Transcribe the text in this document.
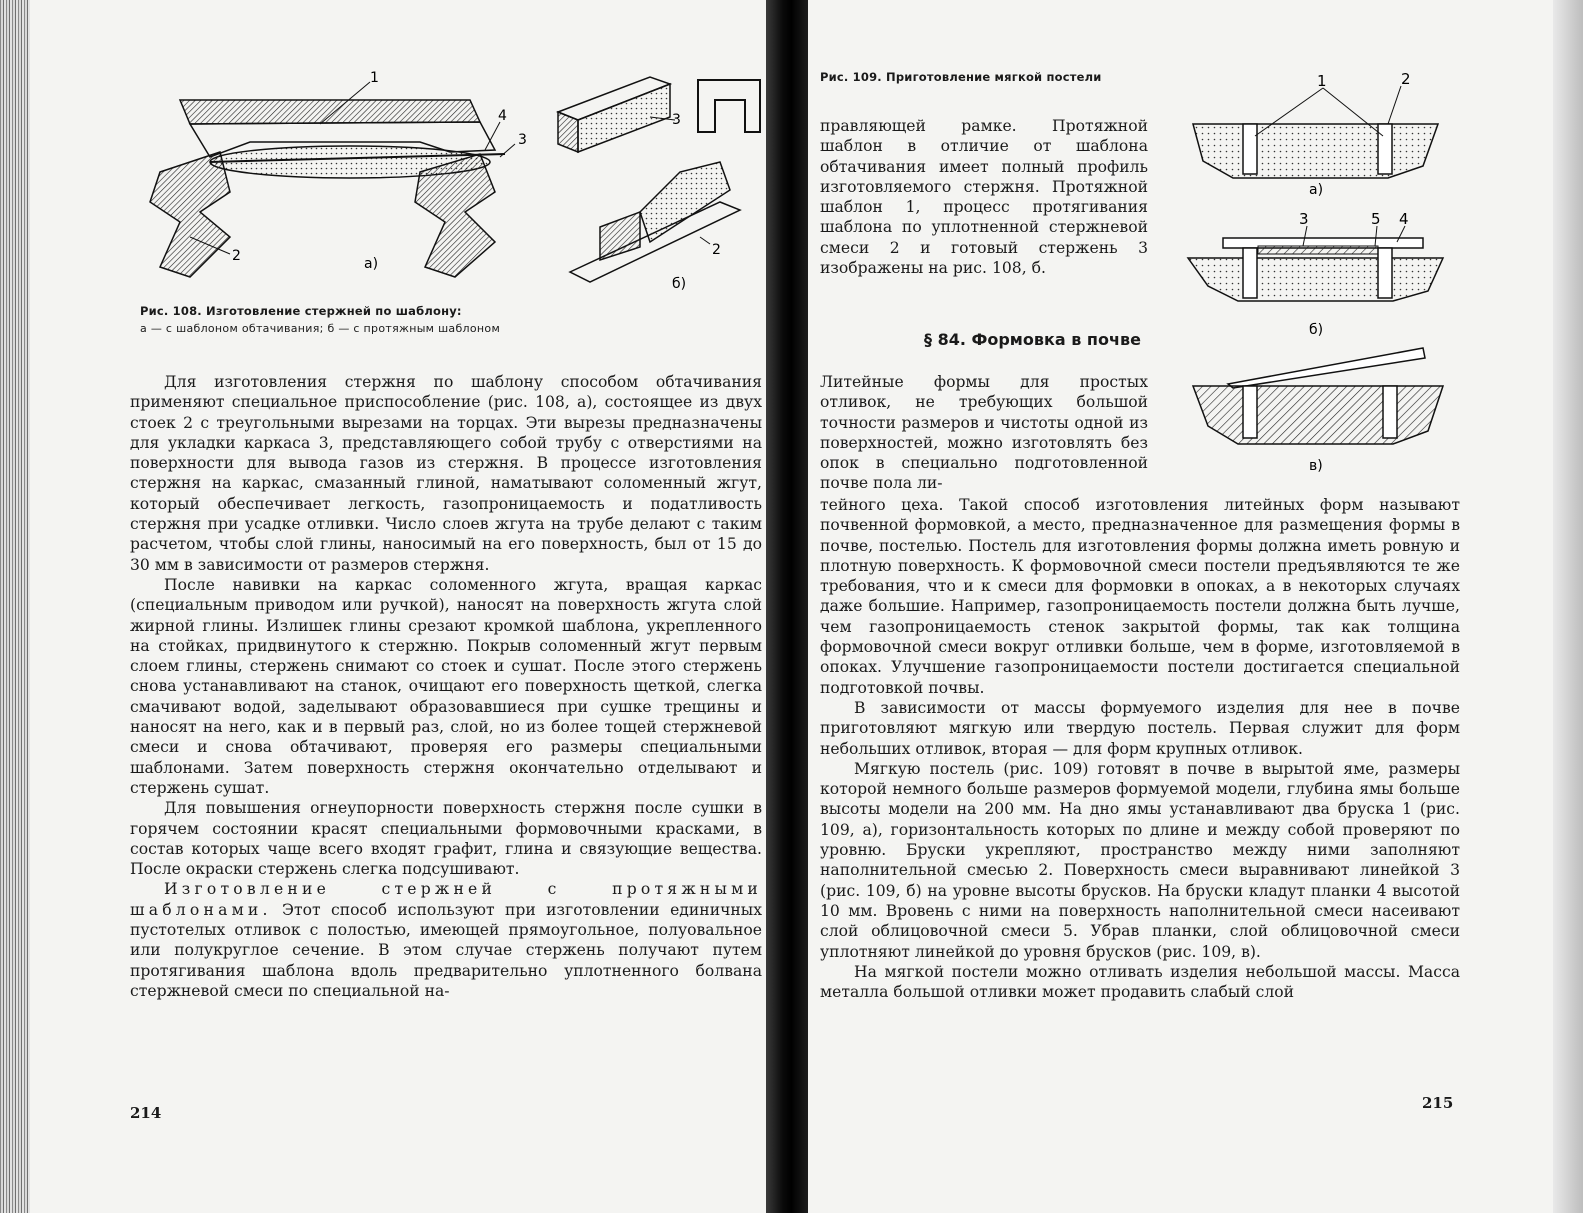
1
4
3
2	а)
3
2
б)
Рис. 108. Изготовление стержней по шаблону:
а — с шаблоном обтачивания; б — с протяжным шаблоном

Для изготовления стержня по шаблону способом обтачивания применяют специальное приспособление (рис. 108, а), состоящее из двух стоек 2 с треугольными вырезами на торцах. Эти вырезы предназначены для укладки каркаса 3, представляющего собой трубу с отверстиями на поверхности для вывода газов из стержня. В процессе изготовления стержня на каркас, смазанный глиной, наматывают соломенный жгут, который обеспечивает легкость, газопроницаемость и податливость стержня при усадке отливки. Число слоев жгута на трубе делают с таким расчетом, чтобы слой глины, наносимый на его поверхность, был от 15 до 30 мм в зависимости от размеров стержня.

После навивки на каркас соломенного жгута, вращая каркас (специальным приводом или ручкой), наносят на поверхность жгута слой жирной глины. Излишек глины срезают кромкой шаблона, укрепленного на стойках, придвинутого к стержню. Покрыв соломенный жгут первым слоем глины, стержень снимают со стоек и сушат. После этого стержень снова устанавливают на станок, очищают его поверхность щеткой, слегка смачивают водой, заделывают образовавшиеся при сушке трещины и наносят на него, как и в первый раз, слой, но из более тощей стержневой смеси и снова обтачивают, проверяя его размеры специальными шаблонами. Затем поверхность стержня окончательно отделывают и стержень сушат.

Для повышения огнеупорности поверхность стержня после сушки в горячем состоянии красят специальными формовочными красками, в состав которых чаще всего входят графит, глина и связующие вещества. После окраски стержень слегка подсушивают.

Изготовление стержней с протяжными шаблонами. Этот способ используют при изготовлении единичных пустотелых отливок с полостью, имеющей прямоугольное, полуовальное или полукруглое сечение. В этом случае стержень получают путем протягивания шаблона вдоль предварительно уплотненного болвана стержневой смеси по специальной на-

214
Рис. 109. Приготовление мягкой постели	1	2
а)
3	5 4
б)
в)

правляющей рамке. Протяжной шаблон в отличие от шаблона обтачивания имеет полный профиль изготовляемого стержня. Протяжной шаблон 1, процесс протягивания шаблона по уплотненной стержневой смеси 2 и готовый стержень 3 изображены на рис. 108, б.

§ 84. Формовка в почве

Литейные формы для простых отливок, не требующих большой точности размеров и чистоты одной из поверхностей, можно изготовлять без опок в специально подготовленной почве пола ли-

тейного цеха. Такой способ изготовления литейных форм называют почвенной формовкой, а место, предназначенное для размещения формы в почве, постелью. Постель для изготовления формы должна иметь ровную и плотную поверхность. К формовочной смеси постели предъявляются те же требования, что и к смеси для формовки в опоках, а в некоторых случаях даже большие. Например, газопроницаемость постели должна быть лучше, чем газопроницаемость стенок закрытой формы, так как толщина формовочной смеси вокруг отливки больше, чем в форме, изготовляемой в опоках. Улучшение газопроницаемости постели достигается специальной подготовкой почвы.

В зависимости от массы формуемого изделия для нее в почве приготовляют мягкую или твердую постель. Первая служит для форм небольших отливок, вторая — для форм крупных отливок.

Мягкую постель (рис. 109) готовят в почве в вырытой яме, размеры которой немного больше размеров формуемой модели, глубина ямы больше высоты модели на 200 мм. На дно ямы устанавливают два бруска 1 (рис. 109, а), горизонтальность которых по длине и между собой проверяют по уровню. Бруски укрепляют, пространство между ними заполняют наполнительной смесью 2. Поверхность смеси выравнивают линейкой 3 (рис. 109, б) на уровне высоты брусков. На бруски кладут планки 4 высотой 10 мм. Вровень с ними на поверхность наполнительной смеси насеивают слой облицовочной смеси 5. Убрав планки, слой облицовочной смеси уплотняют линейкой до уровня брусков (рис. 109, в).

На мягкой постели можно отливать изделия небольшой массы. Масса металла большой отливки может продавить слабый слой

215
